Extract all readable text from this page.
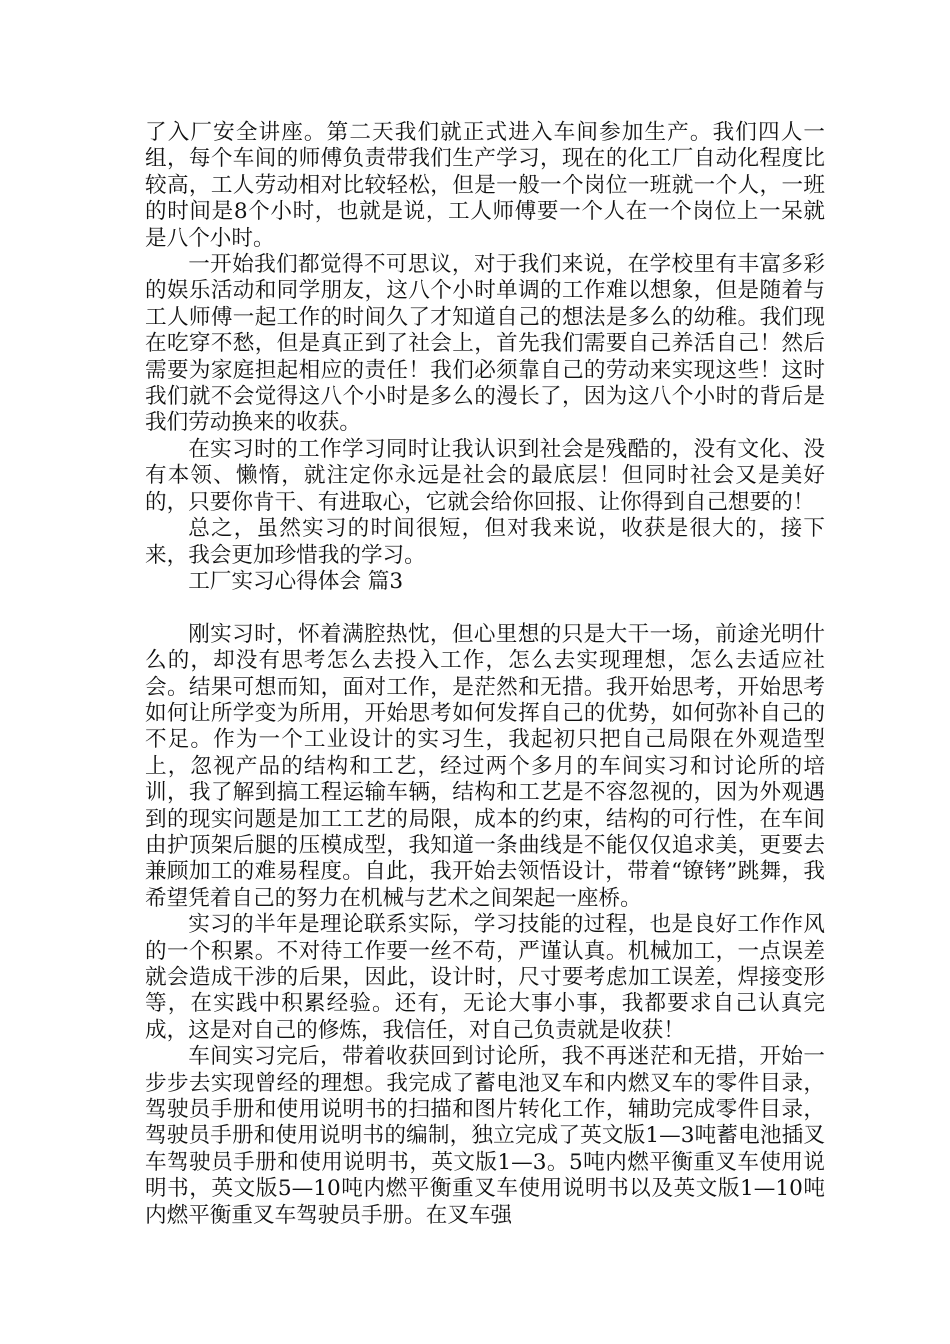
了入厂安全讲座。第二天我们就正式进入车间参加生产。我们四人一组，每个车间的师傅负责带我们生产学习，现在的化工厂自动化程度比较高，工人劳动相对比较轻松，但是一般一个岗位一班就一个人，一班的时间是8个小时，也就是说，工人师傅要一个人在一个岗位上一呆就是八个小时。

一开始我们都觉得不可思议，对于我们来说，在学校里有丰富多彩的娱乐活动和同学朋友，这八个小时单调的工作难以想象，但是随着与工人师傅一起工作的时间久了才知道自己的想法是多么的幼稚。我们现在吃穿不愁，但是真正到了社会上，首先我们需要自己养活自己！然后需要为家庭担起相应的责任！我们必须靠自己的劳动来实现这些！这时我们就不会觉得这八个小时是多么的漫长了，因为这八个小时的背后是我们劳动换来的收获。

在实习时的工作学习同时让我认识到社会是残酷的，没有文化、没有本领、懒惰，就注定你永远是社会的最底层！但同时社会又是美好的，只要你肯干、有进取心，它就会给你回报、让你得到自己想要的！

总之，虽然实习的时间很短，但对我来说，收获是很大的，接下来，我会更加珍惜我的学习。

工厂实习心得体会 篇3

刚实习时，怀着满腔热忱，但心里想的只是大干一场，前途光明什么的，却没有思考怎么去投入工作，怎么去实现理想，怎么去适应社会。结果可想而知，面对工作，是茫然和无措。我开始思考，开始思考如何让所学变为所用，开始思考如何发挥自己的优势，如何弥补自己的不足。作为一个工业设计的实习生，我起初只把自己局限在外观造型上，忽视产品的结构和工艺，经过两个多月的车间实习和讨论所的培训，我了解到搞工程运输车辆，结构和工艺是不容忽视的，因为外观遇到的现实问题是加工工艺的局限，成本的约束，结构的可行性，在车间由护顶架后腿的压模成型，我知道一条曲线是不能仅仅追求美，更要去兼顾加工的难易程度。自此，我开始去领悟设计，带着“镣铐”跳舞，我希望凭着自己的努力在机械与艺术之间架起一座桥。

实习的半年是理论联系实际，学习技能的过程，也是良好工作作风的一个积累。不对待工作要一丝不苟，严谨认真。机械加工，一点误差就会造成干涉的后果，因此，设计时，尺寸要考虑加工误差，焊接变形等，在实践中积累经验。还有，无论大事小事，我都要求自己认真完成，这是对自己的修炼，我信任，对自己负责就是收获！

车间实习完后，带着收获回到讨论所，我不再迷茫和无措，开始一步步去实现曾经的理想。我完成了蓄电池叉车和内燃叉车的零件目录，驾驶员手册和使用说明书的扫描和图片转化工作，辅助完成零件目录，驾驶员手册和使用说明书的编制，独立完成了英文版1—3吨蓄电池插叉车驾驶员手册和使用说明书，英文版1—3。5吨内燃平衡重叉车使用说明书，英文版5—10吨内燃平衡重叉车使用说明书以及英文版1—10吨内燃平衡重叉车驾驶员手册。在叉车强
